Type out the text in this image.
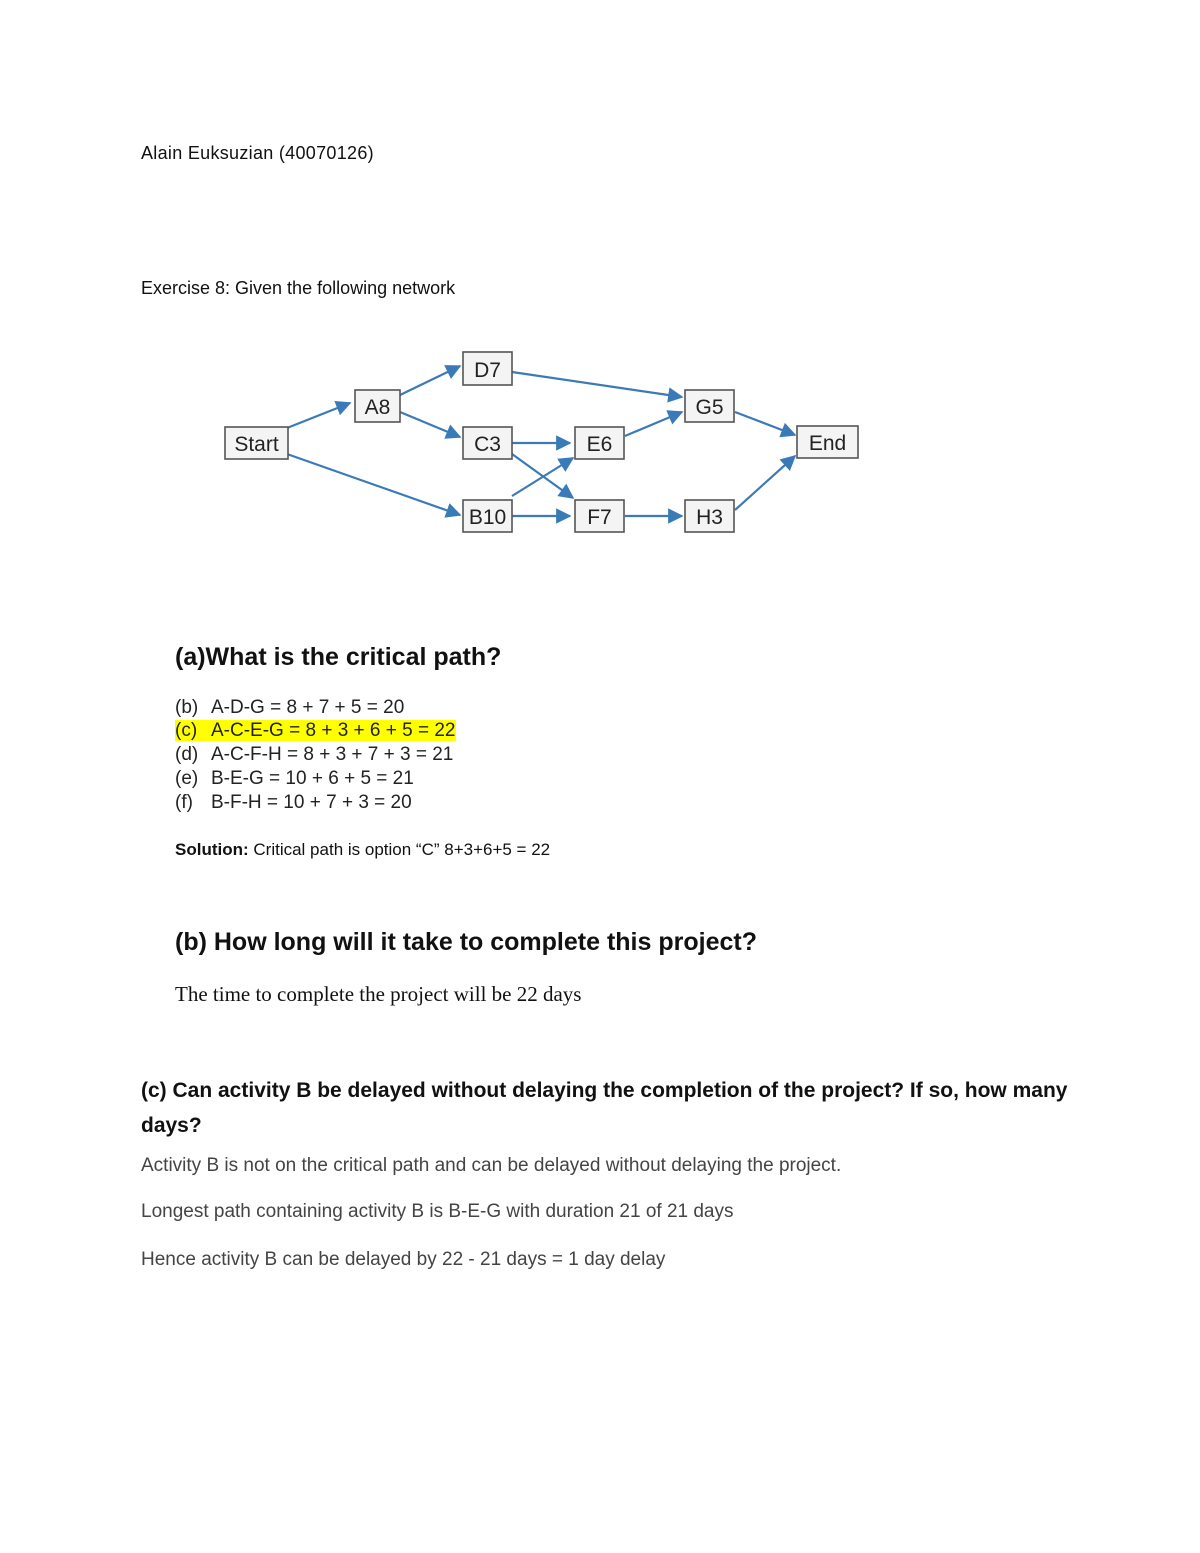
Alain Euksuzian (40070126)
Exercise 8: Given the following network
Start
A8
D7
C3
B10
E6
F7
G5
H3
End
(a)What is the critical path?
(b) A-D-G = 8 + 7 + 5 = 20
(c) A-C-E-G = 8 + 3 + 6 + 5 = 22
(d) A-C-F-H = 8 + 3 + 7 + 3 = 21
(e) B-E-G = 10 + 6 + 5 = 21
(f) B-F-H = 10 + 7 + 3 = 20
Solution: Critical path is option “C” 8+3+6+5 = 22
(b) How long will it take to complete this project?
The time to complete the project will be 22 days
(c) Can activity B be delayed without delaying the completion of the project? If so, how many days?
Activity B is not on the critical path and can be delayed without delaying the project.
Longest path containing activity B is B-E-G with duration 21 of 21 days
Hence activity B can be delayed by 22 - 21 days = 1 day delay
